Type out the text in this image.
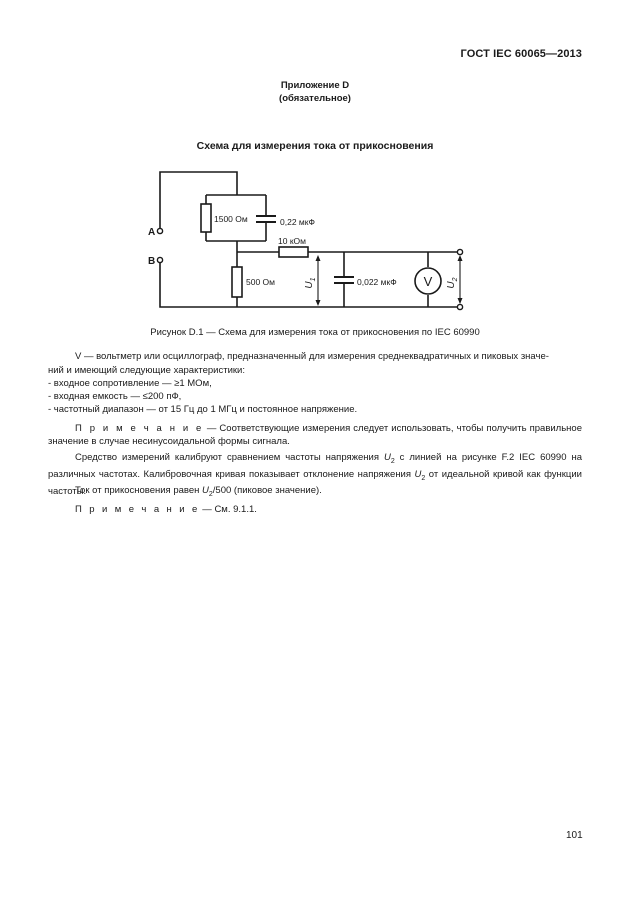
ГОСТ IEC 60065—2013
Приложение D
(обязательное)
Схема для измерения тока от прикосновения
V
A
B
1500 Ом	0,22 мкФ
10 кОм
500 Ом	0,022 мкФ
$U_1$
$U_2$
Рисунок D.1 — Схема для измерения тока от прикосновения по IEC 60990
V — вольтметр или осциллограф, предназначенный для измерения среднеквадратичных и пиковых значе-
ний и имеющий следующие характеристики:
- входное сопротивление — ≥1 МОм,
- входная емкость — ≤200 пФ,
- частотный диапазон — от 15 Гц до 1 МГц и постоянное напряжение.
П р и м е ч а н и е — Соответствующие измерения следует использовать, чтобы получить правильное значение в случае несинусоидальной формы сигнала.
Средство измерений калибруют сравнением частоты напряжения $U_2$ с линией на рисунке F.2 IEC 60990 на различных частотах. Калибровочная кривая показывает отклонение напряжения $U_2$ от идеальной кривой как функции частоты.
Ток от прикосновения равен $U_2/500$ (пиковое значение).
П р и м е ч а н и е — См. 9.1.1.
101
